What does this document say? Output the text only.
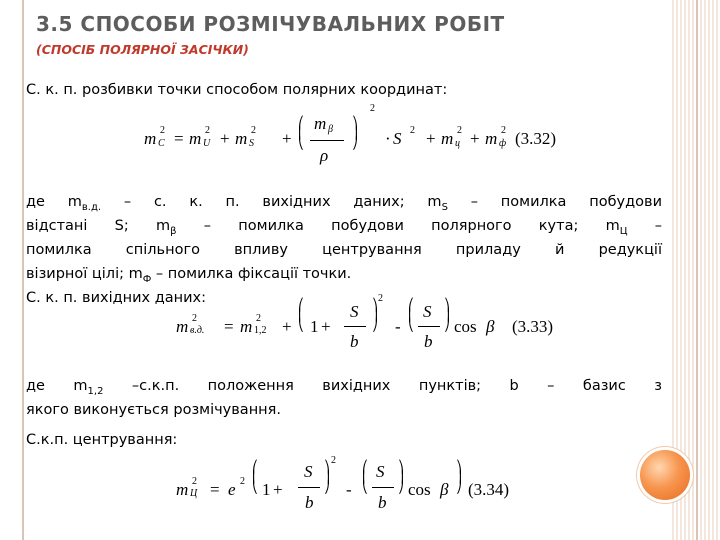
3.5 СПОСОБИ РОЗМІЧУВАЛЬНИХ РОБІТ
(СПОСІБ ПОЛЯРНОЇ ЗАСІЧКИ)
С. к. п. розбивки точки способом полярних координат:
m 2
C = m 2
U + m 2
S +
m β
ρ
⎛
⎜
⎝
⎞
⎟
⎠
2
· S 2 + m 2
ц + m 2
ф (3.32)
де $m_{в.д.}$ – с. к. п. вихідних даних; $m_S$ – помилка побудови
відстані S; $m_\beta$ – помилка побудови полярного кута; $m_Ц$ –
помилка спільного впливу центрування приладу й редукції
візирної цілі; $m_Ф$ – помилка фіксації точки.
С. к. п. вихідних даних:
m 2
в.д. = m 2
1,2 +
⎛
⎜
⎝ 1 +
S
b
⎞
⎟
⎠
2
-
⎛
⎜
⎝
S
b
⎞
⎟
⎠ cos β (3.33)
де $m_{1,2}$ –с.к.п. положення вихідних пунктів; b – базис з
якого виконується розмічування.
С.к.п. центрування:
m 2
Ц = e 2
⎛
⎜
⎝ 1 +
S
b
⎞
⎟
⎠
2
-
⎛
⎜
⎝
S
b
⎞
⎟
⎠ cos β
⎞
⎟
⎠ (3.34)
